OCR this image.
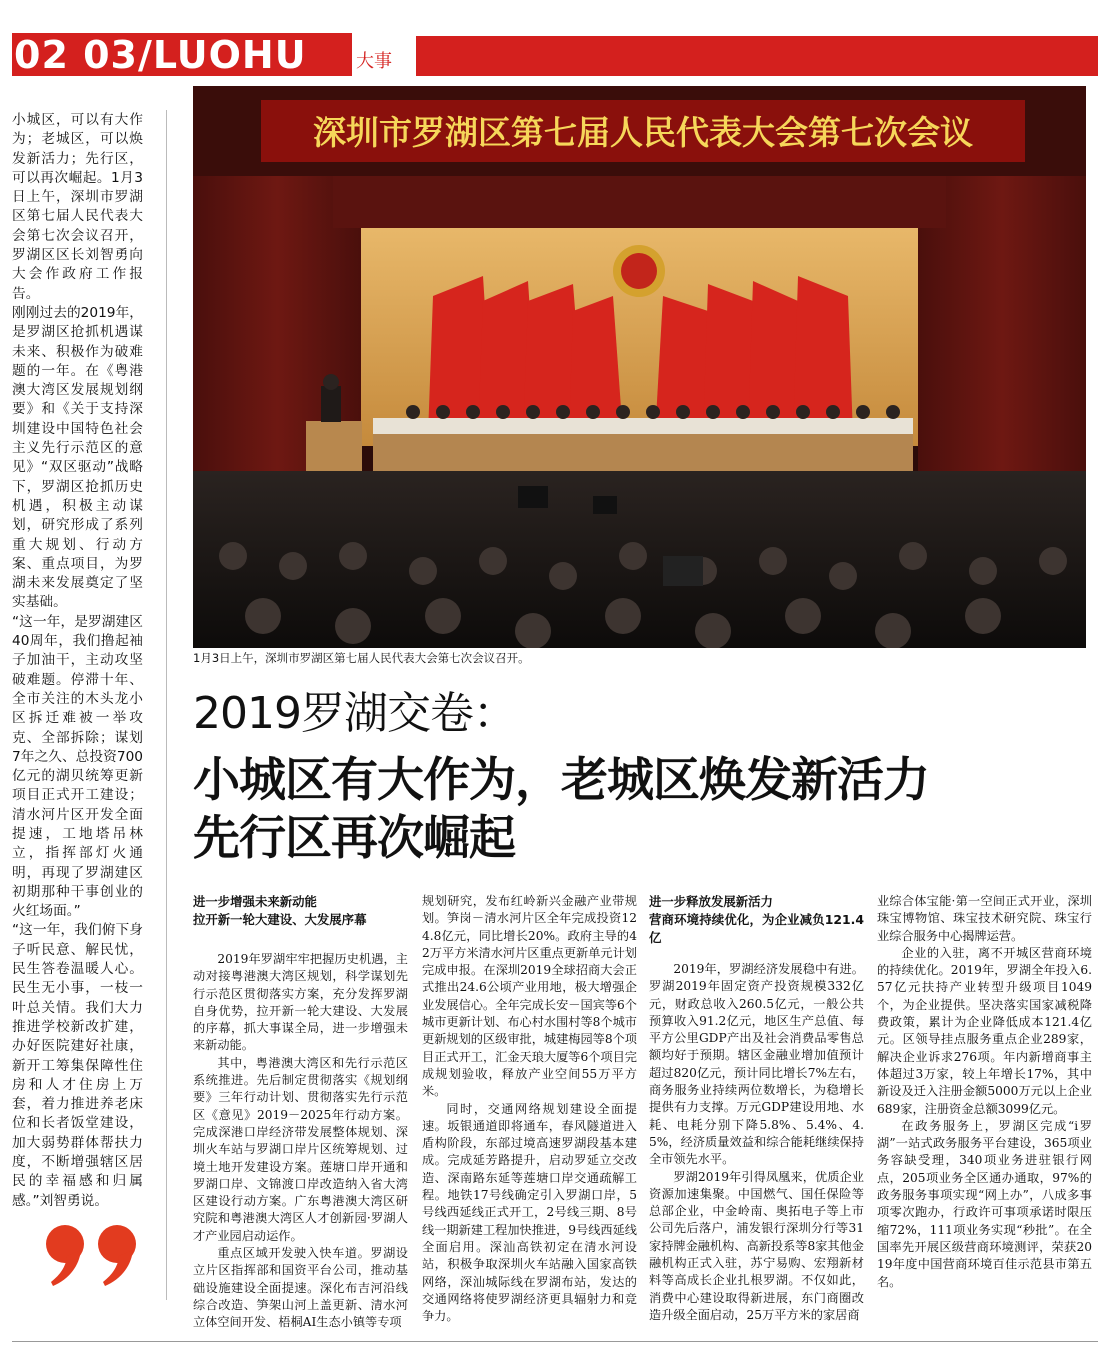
02 03/LUOHU	大事

小城区，可以有大作为；老城区，可以焕发新活力；先行区，可以再次崛起。1月3日上午，深圳市罗湖区第七届人民代表大会第七次会议召开，罗湖区区长刘智勇向大会作政府工作报告。

刚刚过去的2019年，是罗湖区抢抓机遇谋未来、积极作为破难题的一年。在《粤港澳大湾区发展规划纲要》和《关于支持深圳建设中国特色社会主义先行示范区的意见》“双区驱动”战略下，罗湖区抢抓历史机遇，积极主动谋划，研究形成了系列重大规划、行动方案、重点项目，为罗湖未来发展奠定了坚实基础。

“这一年，是罗湖建区40周年，我们撸起袖子加油干，主动攻坚破难题。停滞十年、全市关注的木头龙小区拆迁难被一举攻克、全部拆除；谋划7年之久、总投资700亿元的湖贝统筹更新项目正式开工建设；清水河片区开发全面提速，工地塔吊林立，指挥部灯火通明，再现了罗湖建区初期那种干事创业的火红场面。”

“这一年，我们俯下身子听民意、解民忧，民生答卷温暖人心。民生无小事，一枝一叶总关情。我们大力推进学校新改扩建，办好医院建好社康，新开工筹集保障性住房和人才住房上万套，着力推进养老床位和长者饭堂建设，加大弱势群体帮扶力度，不断增强辖区居民的幸福感和归属感。”刘智勇说。

深圳市罗湖区第七届人民代表大会第七次会议
1月3日上午，深圳市罗湖区第七届人民代表大会第七次会议召开。
2019罗湖交卷：
小城区有大作为，老城区焕发新活力
先行区再次崛起
进一步增强未来新动能
拉开新一轮大建设、大发展序幕

2019年罗湖牢牢把握历史机遇，主动对接粤港澳大湾区规划，科学谋划先行示范区贯彻落实方案，充分发挥罗湖自身优势，拉开新一轮大建设、大发展的序幕，抓大事谋全局，进一步增强未来新动能。

其中，粤港澳大湾区和先行示范区系统推进。先后制定贯彻落实《规划纲要》三年行动计划、贯彻落实先行示范区《意见》2019－2025年行动方案。完成深港口岸经济带发展整体规划、深圳火车站与罗湖口岸片区统筹规划、过境土地开发建设方案。莲塘口岸开通和罗湖口岸、文锦渡口岸改造纳入省大湾区建设行动方案。广东粤港澳大湾区研究院和粤港澳大湾区人才创新园·罗湖人才产业园启动运作。

重点区域开发驶入快车道。罗湖设立片区指挥部和国资平台公司，推动基础设施建设全面提速。深化布吉河沿线综合改造、笋架山河上盖更新、清水河立体空间开发、梧桐AI生态小镇等专项

规划研究，发布红岭新兴金融产业带规划。笋岗－清水河片区全年完成投资124.8亿元，同比增长20%。政府主导的42万平方米清水河片区重点更新单元计划完成申报。在深圳2019全球招商大会正式推出24.6公顷产业用地，极大增强企业发展信心。全年完成长安－国宾等6个城市更新计划、布心村水围村等8个城市更新规划的区级审批，城建梅园等8个项目正式开工，汇金天琅大厦等6个项目完成规划验收，释放产业空间55万平方米。

同时，交通网络规划建设全面提速。坂银通道即将通车，春风隧道进入盾构阶段，东部过境高速罗湖段基本建成。完成延芳路提升，启动罗延立交改造、深南路东延等莲塘口岸交通疏解工程。地铁17号线确定引入罗湖口岸，5号线西延线正式开工，2号线三期、8号线一期新建工程加快推进，9号线西延线全面启用。深汕高铁初定在清水河设站，积极争取深圳火车站融入国家高铁网络，深汕城际线在罗湖布站，发达的交通网络将使罗湖经济更具辐射力和竞争力。

进一步释放发展新活力
营商环境持续优化，为企业减负121.4亿

2019年，罗湖经济发展稳中有进。罗湖2019年固定资产投资规模332亿元，财政总收入260.5亿元，一般公共预算收入91.2亿元，地区生产总值、每平方公里GDP产出及社会消费品零售总额均好于预期。辖区金融业增加值预计超过820亿元，预计同比增长7%左右，商务服务业持续两位数增长，为稳增长提供有力支撑。万元GDP建设用地、水耗、电耗分别下降5.8%、5.4%、4.5%，经济质量效益和综合能耗继续保持全市领先水平。

罗湖2019年引得凤凰来，优质企业资源加速集聚。中国燃气、国任保险等总部企业，中金岭南、奥拓电子等上市公司先后落户，浦发银行深圳分行等31家持牌金融机构、高新投系等8家其他金融机构正式入驻，苏宁易购、宏翔新材料等高成长企业扎根罗湖。不仅如此，消费中心建设取得新进展，东门商圈改造升级全面启动，25万平方米的家居商

业综合体宝能·第一空间正式开业，深圳珠宝博物馆、珠宝技术研究院、珠宝行业综合服务中心揭牌运营。

企业的入驻，离不开城区营商环境的持续优化。2019年，罗湖全年投入6.57亿元扶持产业转型升级项目1049个，为企业提供。坚决落实国家减税降费政策，累计为企业降低成本121.4亿元。区领导挂点服务重点企业289家，解决企业诉求276项。年内新增商事主体超过3万家，较上年增长17%，其中新设及迁入注册金额5000万元以上企业689家，注册资金总额3099亿元。

在政务服务上，罗湖区完成“i罗湖”一站式政务服务平台建设，365项业务容缺受理，340项业务进驻银行网点，205项业务全区通办通取，97%的政务服务事项实现“网上办”，八成多事项零次跑办，行政许可事项承诺时限压缩72%，111项业务实现“秒批”。在全国率先开展区级营商环境测评，荣获2019年度中国营商环境百佳示范县市第五名。
